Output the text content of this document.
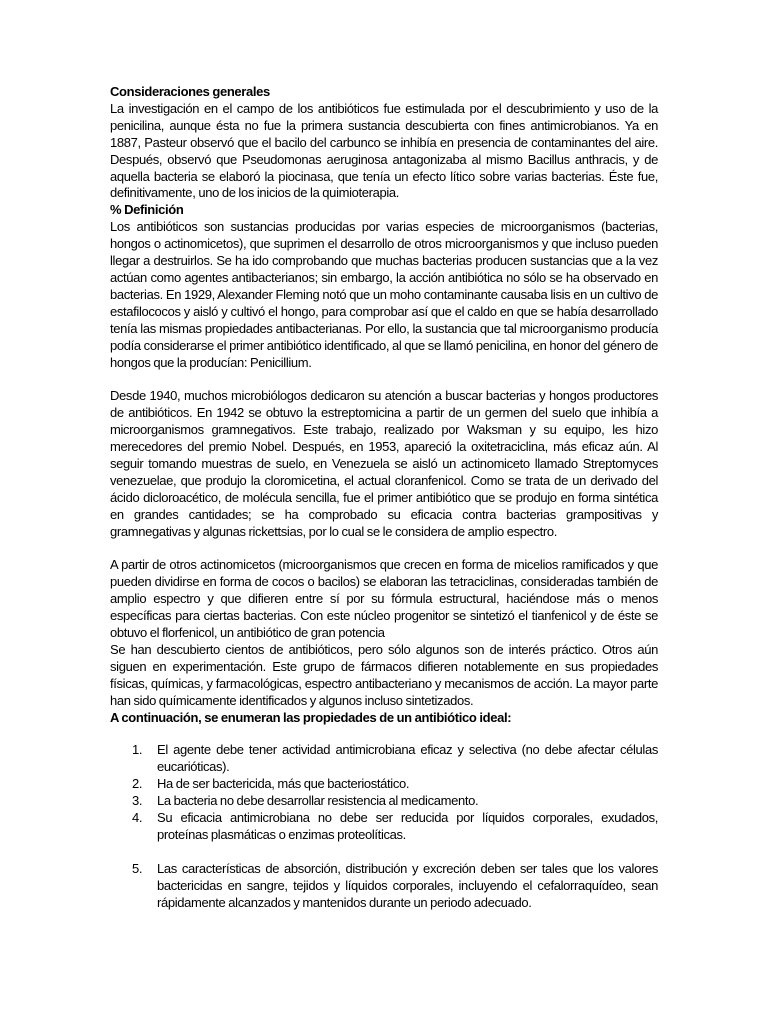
Consideraciones generales

La investigación en el campo de los antibióticos fue estimulada por el descubrimiento y uso de la penicilina, aunque ésta no fue la primera sustancia descubierta con fines antimicrobianos. Ya en 1887, Pasteur observó que el bacilo del carbunco se inhibía en presencia de contaminantes del aire. Después, observó que Pseudomonas aeruginosa antagonizaba al mismo Bacillus anthracis, y de aquella bacteria se elaboró la piocinasa, que tenía un efecto lítico sobre varias bacterias. Éste fue, definitivamente, uno de los inicios de la quimioterapia.

% Definición

Los antibióticos son sustancias producidas por varias especies de microorganismos (bacterias, hongos o actinomicetos), que suprimen el desarrollo de otros microorganismos y que incluso pueden llegar a destruirlos. Se ha ido comprobando que muchas bacterias producen sustancias que a la vez actúan como agentes antibacterianos; sin embargo, la acción antibiótica no sólo se ha observado en bacterias. En 1929, Alexander Fleming notó que un moho contaminante causaba lisis en un cultivo de estafilococos y aisló y cultivó el hongo, para comprobar así que el caldo en que se había desarrollado tenía las mismas propiedades antibacterianas. Por ello, la sustancia que tal microorganismo producía podía considerarse el primer antibiótico identificado, al que se llamó penicilina, en honor del género de hongos que la producían: Penicillium.

Desde 1940, muchos microbiólogos dedicaron su atención a buscar bacterias y hongos productores de antibióticos. En 1942 se obtuvo la estreptomicina a partir de un germen del suelo que inhibía a microorganismos gramnegativos. Este trabajo, realizado por Waksman y su equipo, les hizo merecedores del premio Nobel. Después, en 1953, apareció la oxitetraciclina, más eficaz aún. Al seguir tomando muestras de suelo, en Venezuela se aisló un actinomiceto llamado Streptomyces venezuelae, que produjo la cloromicetina, el actual cloranfenicol. Como se trata de un derivado del ácido dicloroacético, de molécula sencilla, fue el primer antibiótico que se produjo en forma sintética en grandes cantidades; se ha comprobado su eficacia contra bacterias grampositivas y gramnegativas y algunas rickettsias, por lo cual se le considera de amplio espectro.

A partir de otros actinomicetos (microorganismos que crecen en forma de micelios ramificados y que pueden dividirse en forma de cocos o bacilos) se elaboran las tetraciclinas, consideradas también de amplio espectro y que difieren entre sí por su fórmula estructural, haciéndose más o menos específicas para ciertas bacterias. Con este núcleo progenitor se sintetizó el tianfenicol y de éste se obtuvo el florfenicol, un antibiótico de gran potencia

Se han descubierto cientos de antibióticos, pero sólo algunos son de interés práctico. Otros aún siguen en experimentación. Este grupo de fármacos difieren notablemente en sus propiedades físicas, químicas, y farmacológicas, espectro antibacteriano y mecanismos de acción. La mayor parte han sido químicamente identificados y algunos incluso sintetizados.

A continuación, se enumeran las propiedades de un antibiótico ideal:

1. El agente debe tener actividad antimicrobiana eficaz y selectiva (no debe afectar células eucarióticas).
2. Ha de ser bactericida, más que bacteriostático.
3. La bacteria no debe desarrollar resistencia al medicamento.
4. Su eficacia antimicrobiana no debe ser reducida por líquidos corporales, exudados, proteínas plasmáticas o enzimas proteolíticas.
5. Las características de absorción, distribución y excreción deben ser tales que los valores bactericidas en sangre, tejidos y líquidos corporales, incluyendo el cefalorraquídeo, sean rápidamente alcanzados y mantenidos durante un periodo adecuado.
